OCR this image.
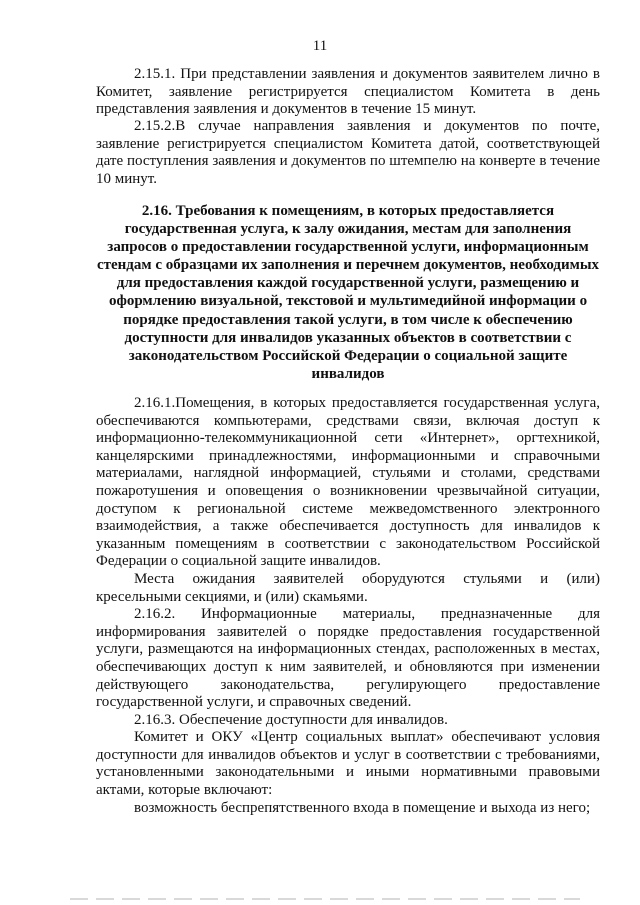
11

2.15.1. При представлении заявления и документов заявителем лично в Комитет, заявление регистрируется специалистом Комитета в день представления заявления и документов в течение 15 минут.

2.15.2.В случае направления заявления и документов по почте, заявление регистрируется специалистом Комитета датой, соответствующей дате поступления заявления и документов по штемпелю на конверте в течение 10 минут.

2.16. Требования к помещениям, в которых предоставляется государственная услуга, к залу ожидания, местам для заполнения запросов о предоставлении государственной услуги, информационным стендам с образцами их заполнения и перечнем документов, необходимых для предоставления каждой государственной услуги, размещению и оформлению визуальной, текстовой и мультимедийной информации о порядке предоставления такой услуги, в том числе к обеспечению доступности для инвалидов указанных объектов в соответствии с законодательством Российской Федерации о социальной защите инвалидов

2.16.1.Помещения, в которых предоставляется государственная услуга, обеспечиваются компьютерами, средствами связи, включая доступ к информационно-телекоммуникационной сети «Интернет», оргтехникой, канцелярскими принадлежностями, информационными и справочными материалами, наглядной информацией, стульями и столами, средствами пожаротушения и оповещения о возникновении чрезвычайной ситуации, доступом к региональной системе межведомственного электронного взаимодействия, а также обеспечивается доступность для инвалидов к указанным помещениям в соответствии с законодательством Российской Федерации о социальной защите инвалидов.

Места ожидания заявителей оборудуются стульями и (или) кресельными секциями, и (или) скамьями.

2.16.2. Информационные материалы, предназначенные для информирования заявителей о порядке предоставления государственной услуги, размещаются на информационных стендах, расположенных в местах, обеспечивающих доступ к ним заявителей, и обновляются при изменении действующего законодательства, регулирующего предоставление государственной услуги, и справочных сведений.

2.16.3. Обеспечение доступности для инвалидов.

Комитет и ОКУ «Центр социальных выплат» обеспечивают условия доступности для инвалидов объектов и услуг в соответствии с требованиями, установленными законодательными и иными нормативными правовыми актами, которые включают:

возможность беспрепятственного входа в помещение и выхода из него;
